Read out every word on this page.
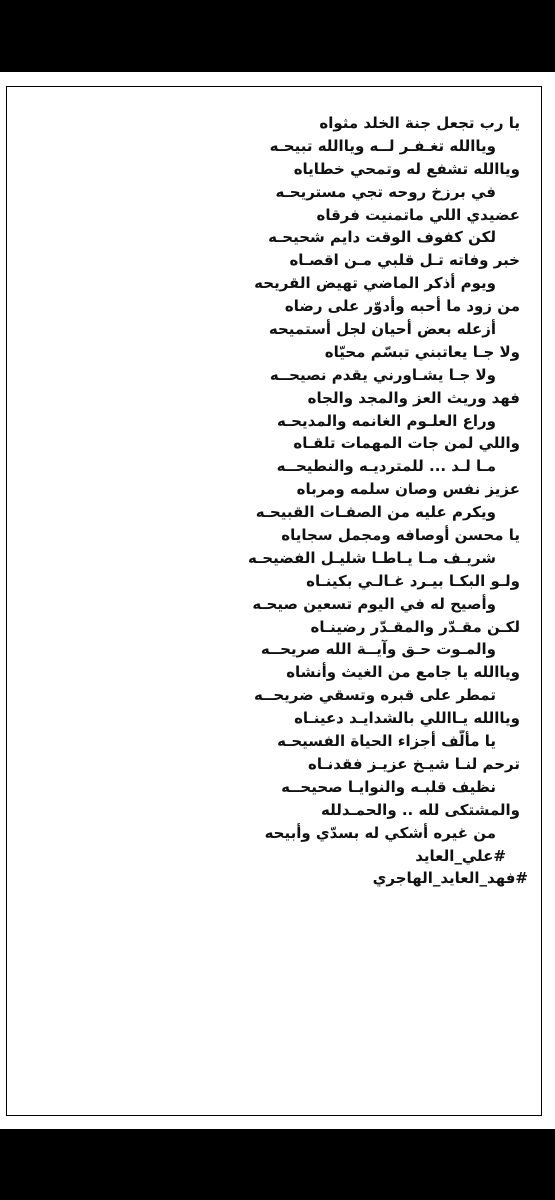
يا رب تجعل جنة الخلد مثواه
وياالله تغـفـر لــه وياالله تبيحـه
وياالله تشفع له وتمحي خطاياه
في برزخ روحه تجي مستريحـه
عضيدي اللي ماتمنيت فرقاه
لكن كفوف الوقت دايم شحيحـه
خبر وفاته تـل قلبي مـن اقصـاه
ويوم أذكر الماضي تهيض القريحه
من زود ما أحبه وأدوّر على رضاه
أزعله بعض أحيان لجل أستميحه
ولا جـا يعاتبني تبسّم محيّاه
ولا جـا يشـاورني يقدم نصيحــه
فهد وريث العز والمجد والجاه
وراع العلـوم الغانمه والمديحـه
واللي لمن جات المهمات تلقـاه
مـا لـد ... للمترديـه والنطيحــه
عزيز نفس وصان سلمه ومرباه
ويكرم عليه من الصفـات القبيحـه
يا محسن أوصافه ومجمل سجاياه
شريـف مـا يـاطـا شليـل الفضيحـه
ولـو البكـا بيـرد غـالـي بكينـاه
وأصيح له في اليوم تسعين صيحـه
لكـن مقـدّر والمقـدّر رضينـاه
والمـوت حـق وآيــة الله صريحــه
وياالله يا جامع من الغيث وأنشاه
تمطر على قبره وتسقي ضريحــه
وياالله يـااللي بالشدايـد دعينـاه
يا مألّف أجزاء الحياة الفسيحـه
ترحم لنـا شيـخ عزيـز فقدنـاه
نظيف قلبـه والنوايـا صحيحــه
والمشتكى لله .. والحمـدلله
من غيره أشكي له بسدّي وأبيحه
#علي_العايد
#فهد_العايد_الهاجري
